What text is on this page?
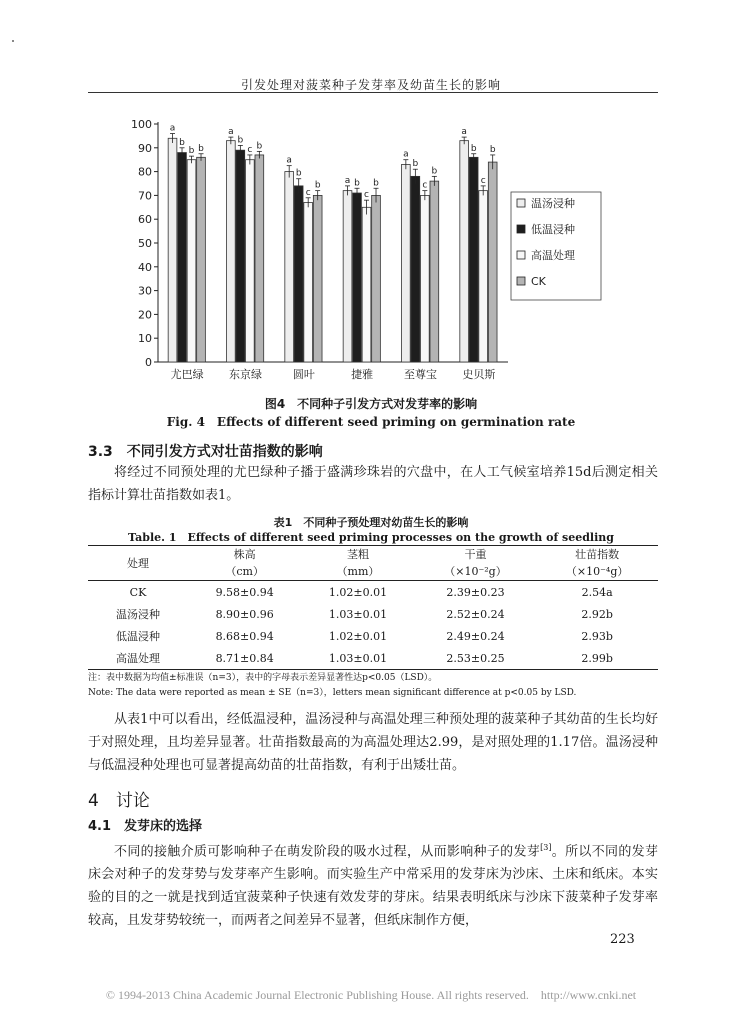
引发处理对菠菜种子发芽率及幼苗生长的影响
0
10
20
30
40
50
60
70
80
90
100 a
b
b b
a
b
c b
a
b
c
b	a b
c
b
a
b
c
b
a
b
c
b
尤巴绿 东京绿	圆叶	捷雅	至尊宝 史贝斯
温汤浸种
低温浸种
高温处理
CK
图4　不同种子引发方式对发芽率的影响
Fig. 4　Effects of different seed priming on germination rate
3.3　不同引发方式对壮苗指数的影响

将经过不同预处理的尤巴绿种子播于盛满珍珠岩的穴盘中，在人工气候室培养15d后测定相关指标计算壮苗指数如表1。

表1　不同种子预处理对幼苗生长的影响
Table. 1　Effects of different seed priming processes on the growth of seedling
处理	株高	茎粗	干重	壮苗指数
	（cm）	（mm）	（×10⁻²g）	（×10⁻⁴g）
CK	9.58±0.94	1.02±0.01	2.39±0.23	2.54a
温汤浸种	8.90±0.96	1.03±0.01	2.52±0.24	2.92b
低温浸种	8.68±0.94	1.02±0.01	2.49±0.24	2.93b
高温处理	8.71±0.84	1.03±0.01	2.53±0.25	2.99b
注：表中数据为均值±标准误（n=3），表中的字母表示差异显著性达p<0.05（LSD）。
Note: The data were reported as mean ± SE（n=3），letters mean significant difference at p<0.05 by LSD.

从表1中可以看出，经低温浸种，温汤浸种与高温处理三种预处理的菠菜种子其幼苗的生长均好于对照处理，且均差异显著。壮苗指数最高的为高温处理达2.99，是对照处理的1.17倍。温汤浸种与低温浸种处理也可显著提高幼苗的壮苗指数，有利于出矮壮苗。

4　讨论
4.1　发芽床的选择

不同的接触介质可影响种子在萌发阶段的吸水过程，从而影响种子的发芽[3]。所以不同的发芽床会对种子的发芽势与发芽率产生影响。而实验生产中常采用的发芽床为沙床、土床和纸床。本实验的目的之一就是找到适宜菠菜种子快速有效发芽的芽床。结果表明纸床与沙床下菠菜种子发芽率较高，且发芽势较统一，而两者之间差异不显著，但纸床制作方便，

223
© 1994-2013 China Academic Journal Electronic Publishing House. All rights reserved.　http://www.cnki.net
